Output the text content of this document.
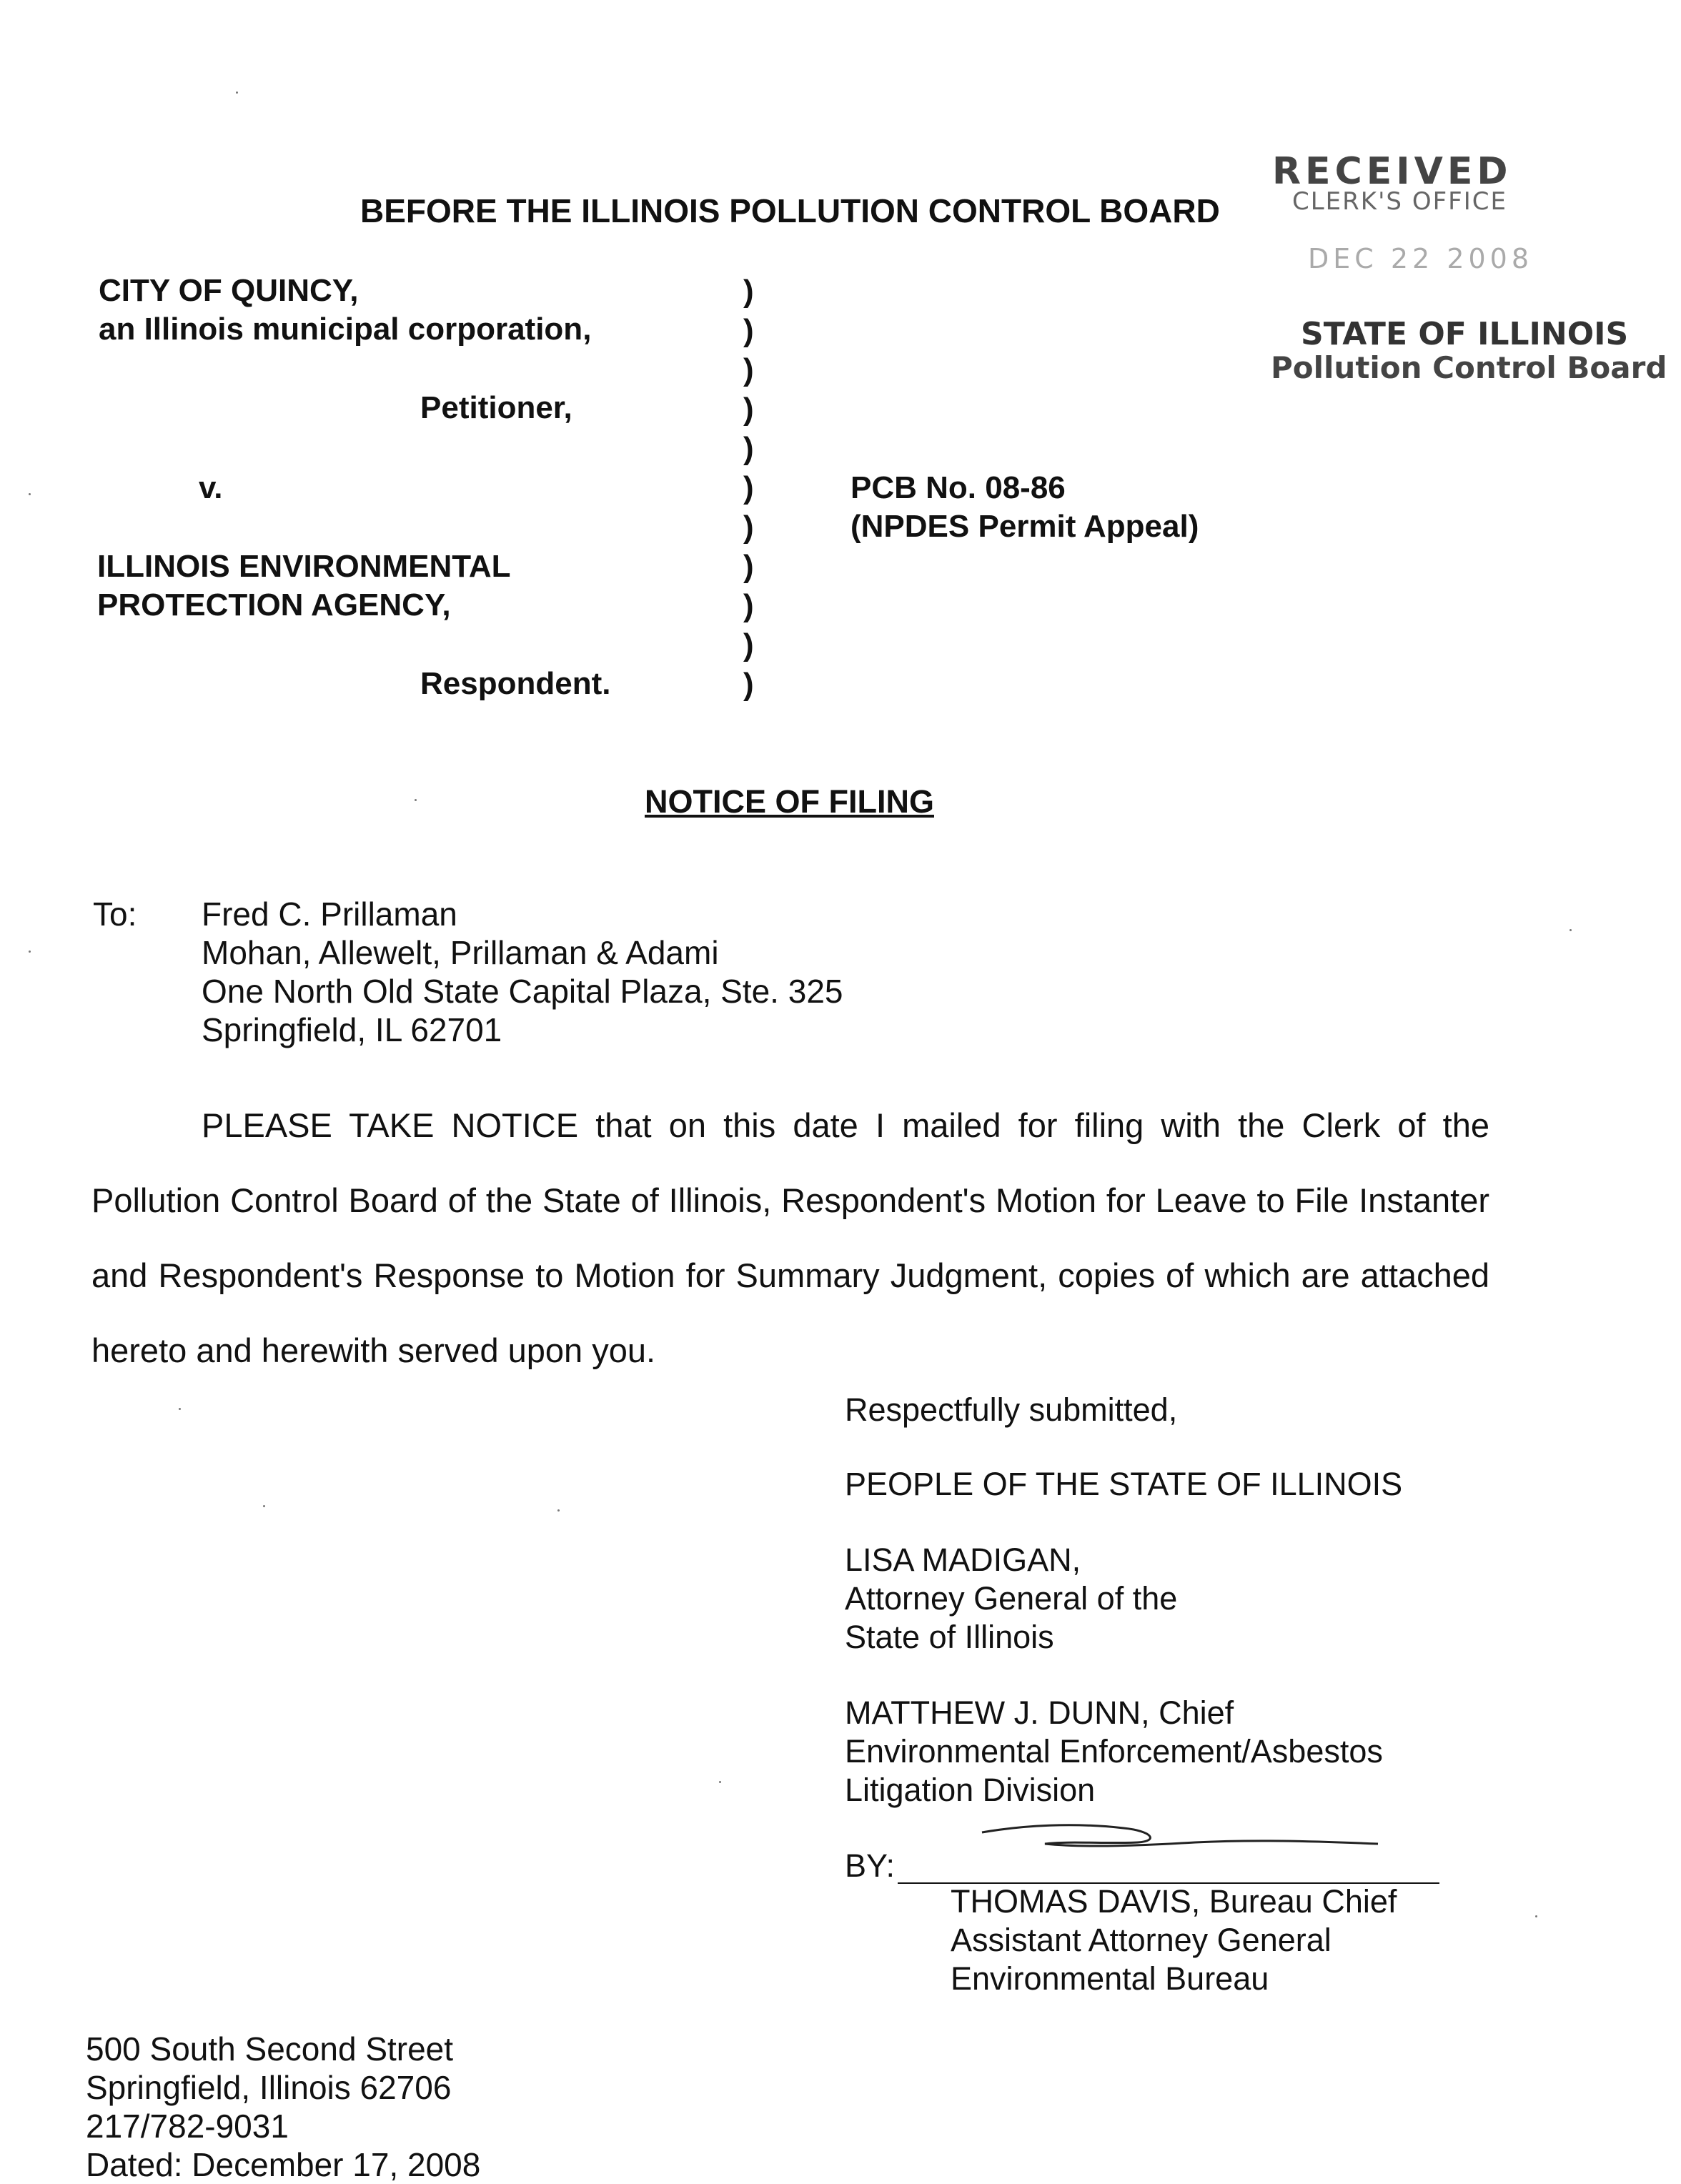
BEFORE THE ILLINOIS POLLUTION CONTROL BOARD
RECEIVED
CLERK'S OFFICE
DEC 22 2008
STATE OF ILLINOIS
Pollution Control Board
CITY OF QUINCY,
an Illinois municipal corporation,
Petitioner,
v.
ILLINOIS ENVIRONMENTAL
PROTECTION AGENCY,
Respondent.
)
)
)
)
)
)
)
)
)
)
)
PCB No. 08-86
(NPDES Permit Appeal)
NOTICE OF FILING
To: Fred C. Prillaman
Mohan, Allewelt, Prillaman & Adami
One North Old State Capital Plaza, Ste. 325
Springfield, IL 62701
PLEASE TAKE NOTICE that on this date I mailed for filing with the Clerk of the Pollution Control Board of the State of Illinois, Respondent's Motion for Leave to File Instanter and Respondent's Response to Motion for Summary Judgment, copies of which are attached hereto and herewith served upon you.
Respectfully submitted,
PEOPLE OF THE STATE OF ILLINOIS
LISA MADIGAN,
Attorney General of the
State of Illinois
MATTHEW J. DUNN, Chief
Environmental Enforcement/Asbestos
Litigation Division
BY:
THOMAS DAVIS, Bureau Chief
Assistant Attorney General
Environmental Bureau
500 South Second Street
Springfield, Illinois 62706
217/782-9031
Dated: December 17, 2008
